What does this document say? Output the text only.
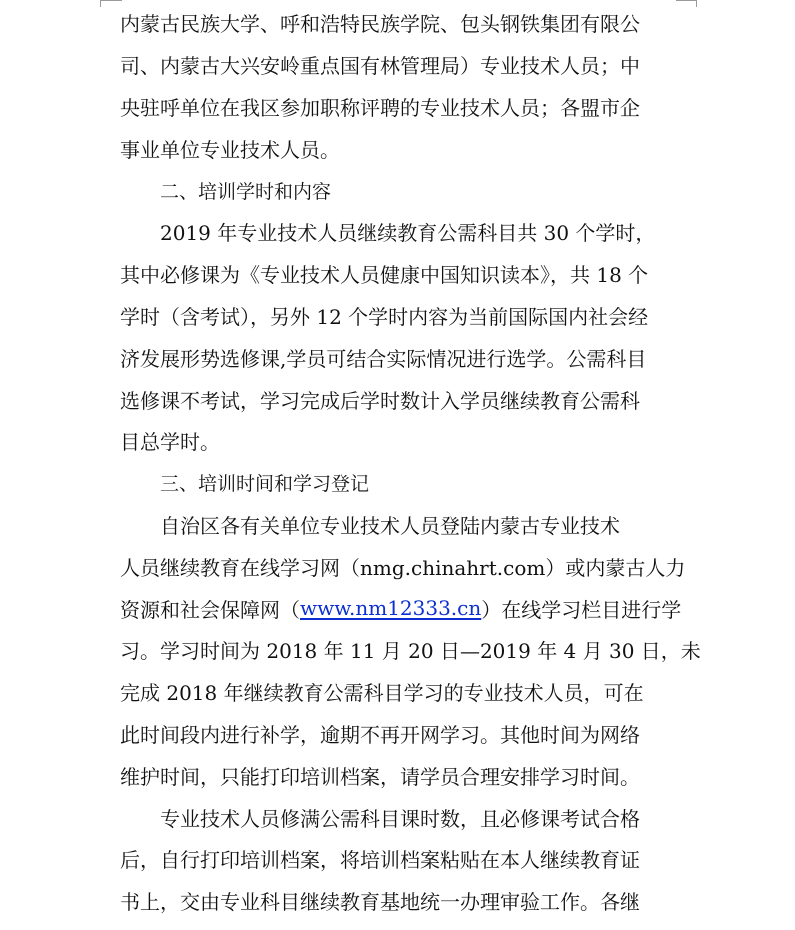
内蒙古民族大学、呼和浩特民族学院、包头钢铁集团有限公
司、内蒙古大兴安岭重点国有林管理局）专业技术人员；中
央驻呼单位在我区参加职称评聘的专业技术人员；各盟市企
事业单位专业技术人员。
二、培训学时和内容
2019 年专业技术人员继续教育公需科目共 30 个学时，
其中必修课为《专业技术人员健康中国知识读本》，共 18 个
学时（含考试），另外 12 个学时内容为当前国际国内社会经
济发展形势选修课,学员可结合实际情况进行选学。公需科目
选修课不考试，学习完成后学时数计入学员继续教育公需科
目总学时。
三、培训时间和学习登记
自治区各有关单位专业技术人员登陆内蒙古专业技术
人员继续教育在线学习网（nmg.chinahrt.com）或内蒙古人力
资源和社会保障网（ www.nm12333.cn ）在线学习栏目进行学
习。学习时间为 2018 年 11 月 20 日—2019 年 4 月 30 日，未
完成 2018 年继续教育公需科目学习的专业技术人员，可在
此时间段内进行补学，逾期不再开网学习。其他时间为网络
维护时间，只能打印培训档案，请学员合理安排学习时间。
专业技术人员修满公需科目课时数，且必修课考试合格
后，自行打印培训档案，将培训档案粘贴在本人继续教育证
书上，交由专业科目继续教育基地统一办理审验工作。各继
